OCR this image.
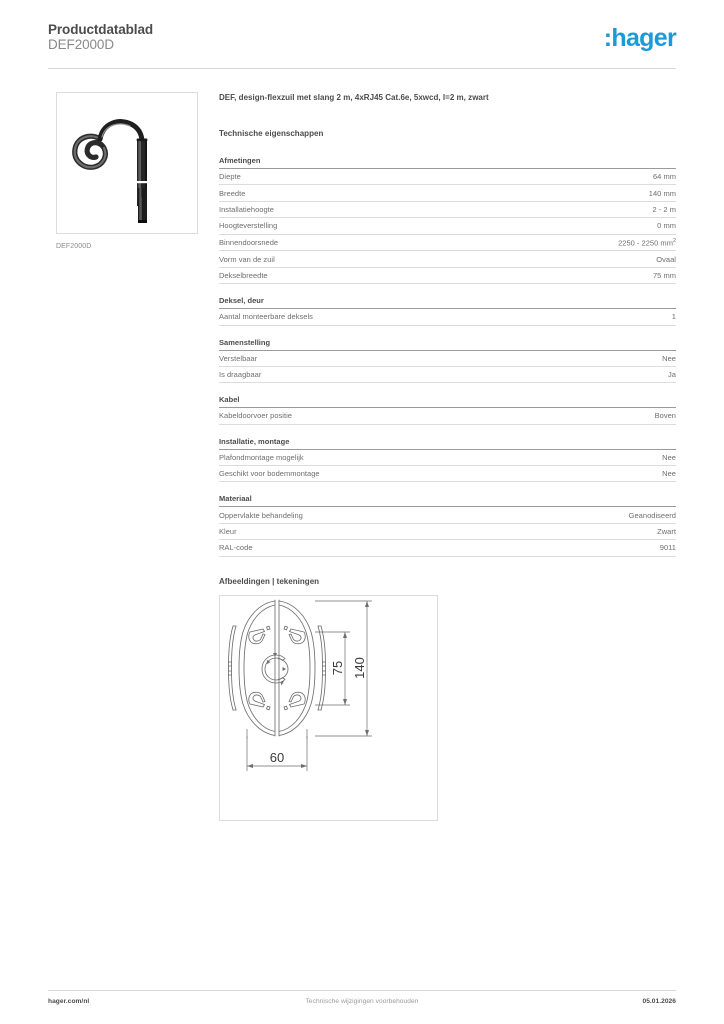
Productdatablad
DEF2000D	:hager
DEF2000D
DEF, design-flexzuil met slang 2 m, 4xRJ45 Cat.6e, 5xwcd, l=2 m, zwart
Technische eigenschappen
Afmetingen
Diepte	64 mm
Breedte	140 mm
Installatiehoogte	2 - 2 m
Hoogteverstelling	0 mm
Binnendoorsnede	2250 - 2250 $mm^2$
Vorm van de zuil	Ovaal
Dekselbreedte	75 mm
Deksel, deur
Aantal monteerbare deksels	1
Samenstelling
Verstelbaar	Nee
Is draagbaar	Ja
Kabel
Kabeldoorvoer positie	Boven
Installatie, montage
Plafondmontage mogelijk	Nee
Geschikt voor bodemmontage	Nee
Materiaal
Oppervlakte behandeling	Geanodiseerd
Kleur	Zwart
RAL-code	9011
Afbeeldingen | tekeningen
140
75
60
hager.com/nl	Technische wijzigingen voorbehouden	05.01.2026
